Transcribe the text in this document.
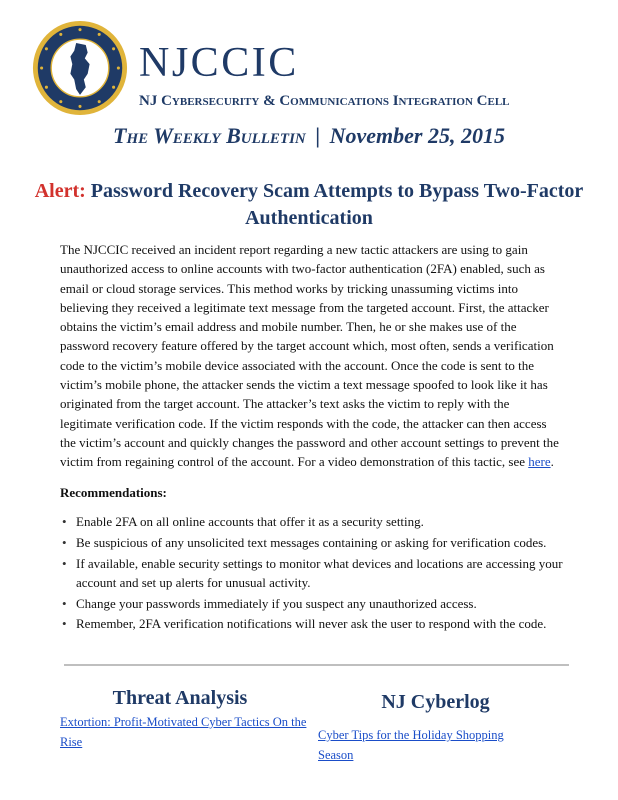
NJCCIC

NJ Cybersecurity & Communications Integration Cell

The Weekly Bulletin | November 25, 2015

Alert: Password Recovery Scam Attempts to Bypass Two-Factor Authentication

The NJCCIC received an incident report regarding a new tactic attackers are using to gain unauthorized access to online accounts with two-factor authentication (2FA) enabled, such as email or cloud storage services. This method works by tricking unassuming victims into believing they received a legitimate text message from the targeted account. First, the attacker obtains the victim’s email address and mobile number. Then, he or she makes use of the password recovery feature offered by the target account which, most often, sends a verification code to the victim’s mobile device associated with the account. Once the code is sent to the victim’s mobile phone, the attacker sends the victim a text message spoofed to look like it has originated from the target account. The attacker’s text asks the victim to reply with the legitimate verification code. If the victim responds with the code, the attacker can then access the victim’s account and quickly changes the password and other account settings to prevent the victim from regaining control of the account. For a video demonstration of this tactic, see here.

Recommendations:

• Enable 2FA on all online accounts that offer it as a security setting.
• Be suspicious of any unsolicited text messages containing or asking for verification codes.
• If available, enable security settings to monitor what devices and locations are accessing your account and set up alerts for unusual activity.
• Change your passwords immediately if you suspect any unauthorized access.
• Remember, 2FA verification notifications will never ask the user to respond with the code.
Threat Analysis
Extortion: Profit-Motivated Cyber Tactics On the Rise
NJ Cyberlog
Cyber Tips for the Holiday Shopping Season
